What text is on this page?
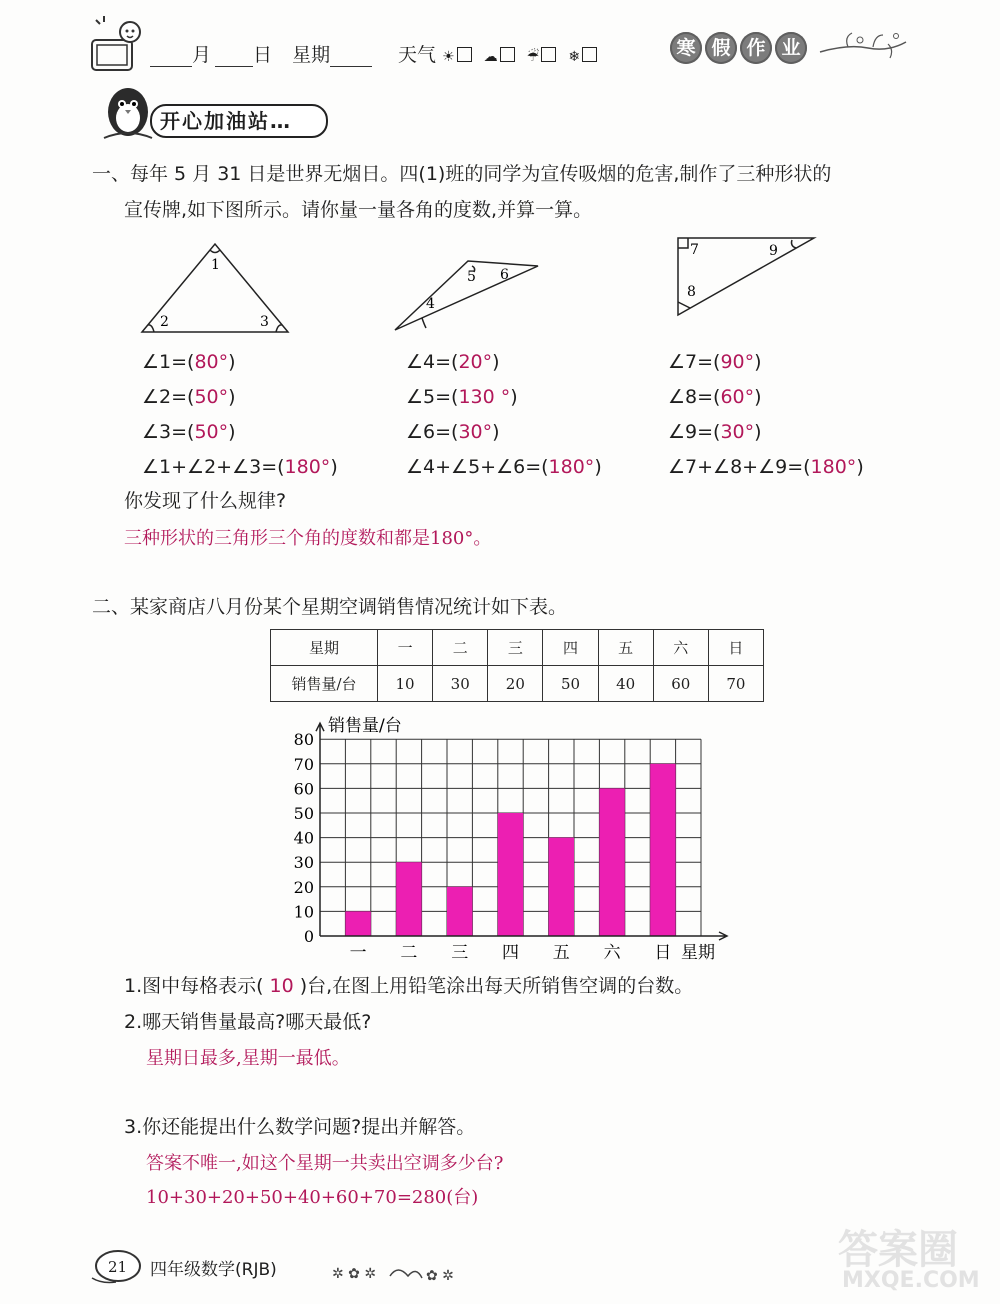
月 日 星期	天气 ☀ ☁ ☔ ❄	寒 假 作 业
开心加油站…
一、每年 5 月 31 日是世界无烟日。四(1)班的同学为宣传吸烟的危害,制作了三种形状的
宣传牌,如下图所示。请你量一量各角的度数,并算一算。
1
2	3
4
5 6
7
8
9
∠1=(80°)
∠2=(50°)
∠3=(50°)
∠1+∠2+∠3=(180°)
∠4=(20°)
∠5=(130 °)
∠6=(30°)
∠4+∠5+∠6=(180°)
∠7=(90°)
∠8=(60°)
∠9=(30°)
∠7+∠8+∠9=(180°)
你发现了什么规律?
三种形状的三角形三个角的度数和都是180°。
二、某家商店八月份某个星期空调销售情况统计如下表。
星期	一	二	三	四	五	六	日
销售量/台	10	30	20	50	40	60	70
一 二 三 四 五 六 日
0
10
20
30
40
50
60
70
80
销售量/台
星期
1.图中每格表示( 10 )台,在图上用铅笔涂出每天所销售空调的台数。
2.哪天销售量最高?哪天最低?
星期日最多,星期一最低。
3.你还能提出什么数学问题?提出并解答。
答案不唯一,如这个星期一共卖出空调多少台?
10+30+20+50+40+60+70=280(台)
21 四年级数学(RJB)	✲ ✿ ✲	✿ ✲
答案圈
MXQE.COM
